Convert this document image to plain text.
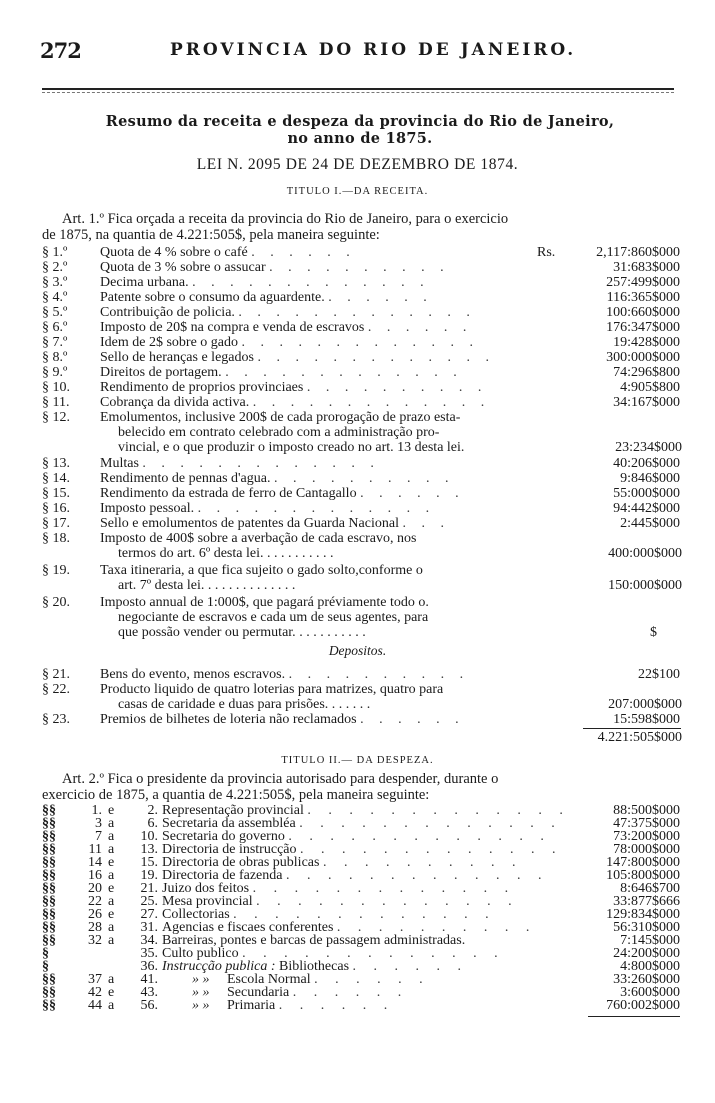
272	PROVINCIA DO RIO DE JANEIRO.
Resumo da receita e despeza da provincia do Rio de Janeiro,
no anno de 1875.
LEI N. 2095 DE 24 DE DEZEMBRO DE 1874.
TITULO I.—DA RECEITA.
Art. 1.º Fica orçada a receita da provincia do Rio de Janeiro, para o exercicio
de 1875, na quantia de 4.221:505$, pela maneira seguinte:
§ 1.º	Quota de 4 % sobre o café . . . . . .	Rs.	2,117:860$000
§ 2.º	Quota de 3 % sobre o assucar . . . . . . . . . .	31:683$000
§ 3.º	Decima urbana. . . . . . . . . . . . . .	257:499$000
§ 4.º	Patente sobre o consumo da aguardente. . . . . . .	116:365$000
§ 5.º	Contribuição de policia. . . . . . . . . . . . . .	100:660$000
§ 6.º	Imposto de 20$ na compra e venda de escravos . . . . . .	176:347$000
§ 7.º	Idem de 2$ sobre o gado . . . . . . . . . . . . .	19:428$000
§ 8.º	Sello de heranças e legados . . . . . . . . . . . . .	300:000$000
§ 9.º	Direitos de portagem. . . . . . . . . . . . . .	74:296$800
§ 10.	Rendimento de proprios provinciaes . . . . . . . . . .	4:905$800
§ 11.	Cobrança da divida activa. . . . . . . . . . . . . .	34:167$000
§ 12.	Emolumentos, inclusive 200$ de cada prorogação de prazo esta-
belecido em contrato celebrado com a administração pro-
vincial, e o que produzir o imposto creado no art. 13 desta lei.	23:234$000
§ 13.	Multas . . . . . . . . . . . . .	40:206$000
§ 14.	Rendimento de pennas d'agua. . . . . . . . . . .	9:846$000
§ 15.	Rendimento da estrada de ferro de Cantagallo . . . . . .	55:000$000
§ 16.	Imposto pessoal. . . . . . . . . . . . . .	94:442$000
§ 17.	Sello e emolumentos de patentes da Guarda Nacional . . .	2:445$000
§ 18.	Imposto de 400$ sobre a averbação de cada escravo, nos
termos do art. 6º desta lei. . . . . . . . . . .	400:000$000
§ 19.	Taxa itineraria, a que fica sujeito o gado solto,conforme o
art. 7º desta lei. . . . . . . . . . . . . .	150:000$000
§ 20.	Imposto annual de 1:000$, que pagará préviamente todo o.
negociante de escravos e cada um de seus agentes, para
que possão vender ou permutar. . . . . . . . . . .	$
Depositos.
§ 21.	Bens do evento, menos escravos. . . . . . . . . . .	22$100
§ 22.	Producto liquido de quatro loterias para matrizes, quatro para
casas de caridade e duas para prisões. . . . . . .	207:000$000
§ 23.	Premios de bilhetes de loteria não reclamados . . . . . .	15:598$000
4.221:505$000
TITULO II.— DA DESPEZA.
Art. 2.º Fica o presidente da provincia autorisado para despender, durante o
exercicio de 1875, a quantia de 4.221:505$, pela maneira seguinte:
§§	1. e	2. Representação provincial . . . . . . . . . . . . .	88:500$000
§§	3 a	6. Secretaria da assembléa . . . . . . . . . . . . .	47:375$000
§§	7 a	10. Secretaria do governo . . . . . . . . . . . . .	73:200$000
§§	11 a	13. Directoria de instrucção . . . . . . . . . . . . .	78:000$000
§§	14 e	15. Directoria de obras publicas . . . . . . . . . .	147:800$000
§§	16 a	19. Directoria de fazenda . . . . . . . . . . . . .	105:800$000
§§	20 e	21. Juizo dos feitos . . . . . . . . . . . . .	8:646$700
§§	22 a	25. Mesa provincial . . . . . . . . . . . . .	33:877$666
§§	26 e	27. Collectorias . . . . . . . . . . . . .	129:834$000
§§	28 a	31. Agencias e fiscaes conferentes . . . . . . . . . .	56:310$000
§§	32 a	34. Barreiras, pontes e barcas de passagem administradas.	7:145$000
§	35. Culto publico . . . . . . . . . . . . .	24:200$000
§	36. Instrucção publica : Bibliothecas . . . . . .	4:800$000
§§	37 a	41.	» » Escola Normal . . . . . .	33:260$000
§§	42 e	43.	» » Secundaria . . . . . .	3:600$000
§§	44 a	56.	» » Primaria . . . . . .	760:002$000
